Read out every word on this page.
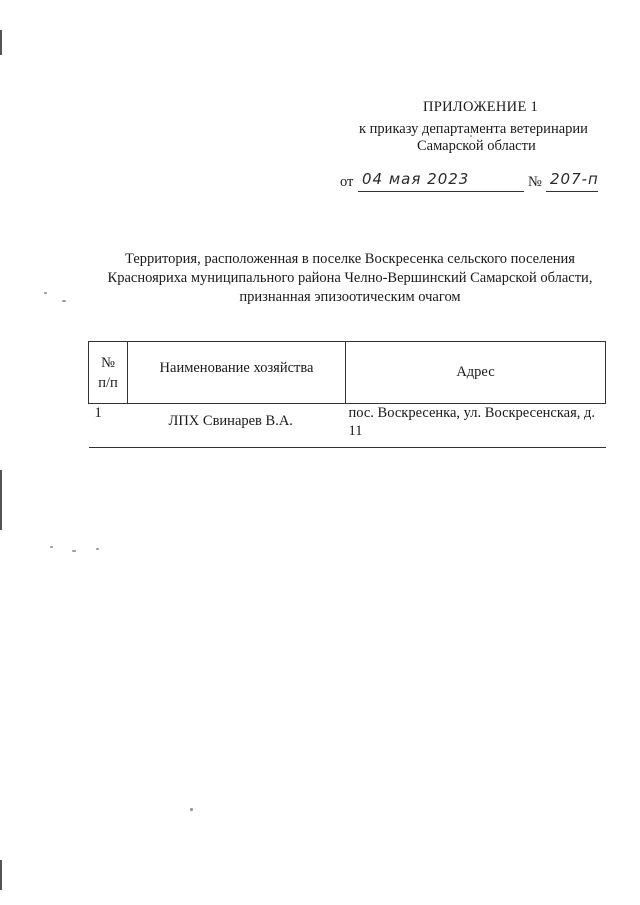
ПРИЛОЖЕНИЕ 1
к приказу департамента ветеринарии
Самарской области
от 04 мая 2023	№ 207-п
Территория, расположенная в поселке Воскресенка сельского поселения Краснояриха муниципального района Челно-Вершинский Самарской области, признанная эпизоотическим очагом
№
п/п	Наименование хозяйства	Адрес
1	ЛПХ Свинарев В.А.	пос. Воскресенка, ул. Воскресенская, д. 11
